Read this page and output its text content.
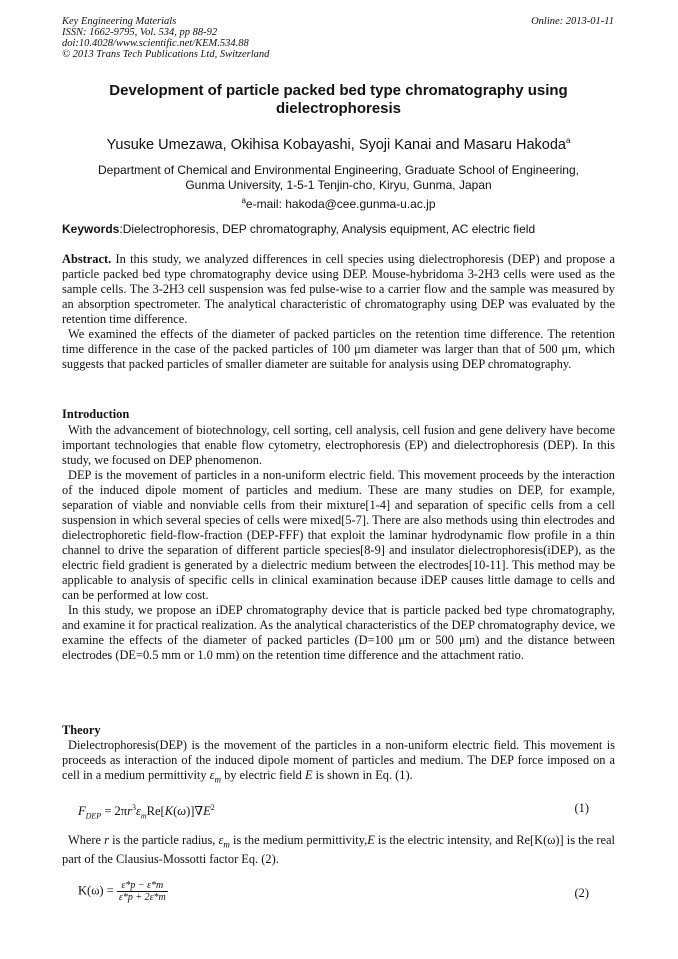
Key Engineering Materials
ISSN: 1662-9795, Vol. 534, pp 88-92
doi:10.4028/www.scientific.net/KEM.534.88
© 2013 Trans Tech Publications Ltd, Switzerland
Online: 2013-01-11
Development of particle packed bed type chromatography using dielectrophoresis
Yusuke Umezawa, Okihisa Kobayashi, Syoji Kanai and Masaru Hakoda$^a$
Department of Chemical and Environmental Engineering, Graduate School of Engineering,
Gunma University, 1-5-1 Tenjin-cho, Kiryu, Gunma, Japan
$^a$e-mail: hakoda@cee.gunma-u.ac.jp
Keywords:Dielectrophoresis, DEP chromatography, Analysis equipment, AC electric field

Abstract. In this study, we analyzed differences in cell species using dielectrophoresis (DEP) and propose a particle packed bed type chromatography device using DEP. Mouse-hybridoma 3-2H3 cells were used as the sample cells. The 3-2H3 cell suspension was fed pulse-wise to a carrier flow and the sample was measured by an absorption spectrometer. The analytical characteristic of chromatography using DEP was evaluated by the retention time difference.

We examined the effects of the diameter of packed particles on the retention time difference. The retention time difference in the case of the packed particles of 100 μm diameter was larger than that of 500 μm, which suggests that packed particles of smaller diameter are suitable for analysis using DEP chromatography.

Introduction

With the advancement of biotechnology, cell sorting, cell analysis, cell fusion and gene delivery have become important technologies that enable flow cytometry, electrophoresis (EP) and dielectrophoresis (DEP). In this study, we focused on DEP phenomenon.

DEP is the movement of particles in a non-uniform electric field. This movement proceeds by the interaction of the induced dipole moment of particles and medium. These are many studies on DEP, for example, separation of viable and nonviable cells from their mixture[1-4] and separation of specific cells from a cell suspension in which several species of cells were mixed[5-7]. There are also methods using thin electrodes and dielectrophoretic field-flow-fraction (DEP-FFF) that exploit the laminar hydrodynamic flow profile in a thin channel to drive the separation of different particle species[8-9] and insulator dielectrophoresis(iDEP), as the electric field gradient is generated by a dielectric medium between the electrodes[10-11]. This method may be applicable to analysis of specific cells in clinical examination because iDEP causes little damage to cells and can be performed at low cost.

In this study, we propose an iDEP chromatography device that is particle packed bed type chromatography, and examine it for practical realization. As the analytical characteristics of the DEP chromatography device, we examine the effects of the diameter of packed particles (D=100 μm or 500 μm) and the distance between electrodes (DE=0.5 mm or 1.0 mm) on the retention time difference and the attachment ratio.

Theory

Dielectrophoresis(DEP) is the movement of the particles in a non-uniform electric field. This movement is proceeds as interaction of the induced dipole moment of particles and medium. The DEP force imposed on a cell in a medium permittivity $\varepsilon_m$ by electric field E is shown in Eq. (1).

$F_{DEP} = 2\pi r^3\varepsilon_mRe[K(\omega)]\nabla E^2$	(1)

Where r is the particle radius, $\varepsilon_m$ is the medium permittivity,E is the electric intensity, and Re[K(ω)] is the real part of the Clausius‐Mossotti factor Eq. (2).

$K(\omega) = \frac{\varepsilon*p - \varepsilon*m}{\varepsilon*p + 2\varepsilon*m}$	(2)
